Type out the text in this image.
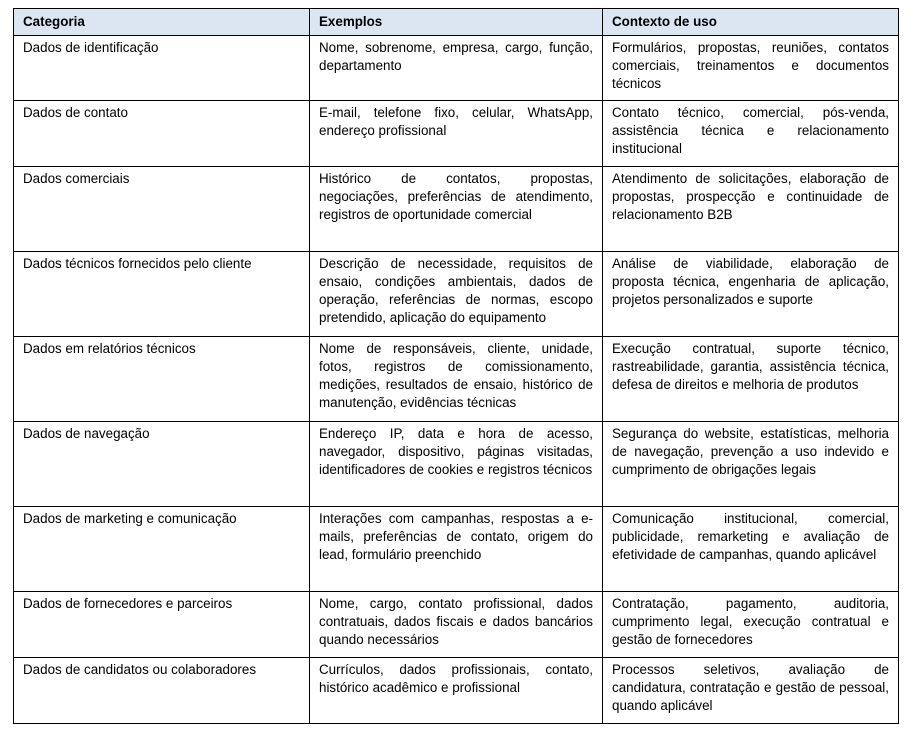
Categoria	Exemplos	Contexto de uso
Dados de identificação	Nome, sobrenome, empresa, cargo, função, departamento	Formulários, propostas, reuniões, contatos comerciais, treinamentos e documentos técnicos
Dados de contato	E-mail, telefone fixo, celular, WhatsApp, endereço profissional	Contato técnico, comercial, pós-venda, assistência técnica e relacionamento institucional
Dados comerciais	Histórico de contatos, propostas, negociações, preferências de atendimento, registros de oportunidade comercial	Atendimento de solicitações, elaboração de propostas, prospecção e continuidade de relacionamento B2B
Dados técnicos fornecidos pelo cliente	Descrição de necessidade, requisitos de ensaio, condições ambientais, dados de operação, referências de normas, escopo pretendido, aplicação do equipamento	Análise de viabilidade, elaboração de proposta técnica, engenharia de aplicação, projetos personalizados e suporte
Dados em relatórios técnicos	Nome de responsáveis, cliente, unidade, fotos, registros de comissionamento, medições, resultados de ensaio, histórico de manutenção, evidências técnicas	Execução contratual, suporte técnico, rastreabilidade, garantia, assistência técnica, defesa de direitos e melhoria de produtos
Dados de navegação	Endereço IP, data e hora de acesso, navegador, dispositivo, páginas visitadas, identificadores de cookies e registros técnicos	Segurança do website, estatísticas, melhoria de navegação, prevenção a uso indevido e cumprimento de obrigações legais
Dados de marketing e comunicação	Interações com campanhas, respostas a e-mails, preferências de contato, origem do lead, formulário preenchido	Comunicação institucional, comercial, publicidade, remarketing e avaliação de efetividade de campanhas, quando aplicável
Dados de fornecedores e parceiros	Nome, cargo, contato profissional, dados contratuais, dados fiscais e dados bancários quando necessários	Contratação, pagamento, auditoria, cumprimento legal, execução contratual e gestão de fornecedores
Dados de candidatos ou colaboradores	Currículos, dados profissionais, contato, histórico acadêmico e profissional	Processos seletivos, avaliação de candidatura, contratação e gestão de pessoal, quando aplicável
